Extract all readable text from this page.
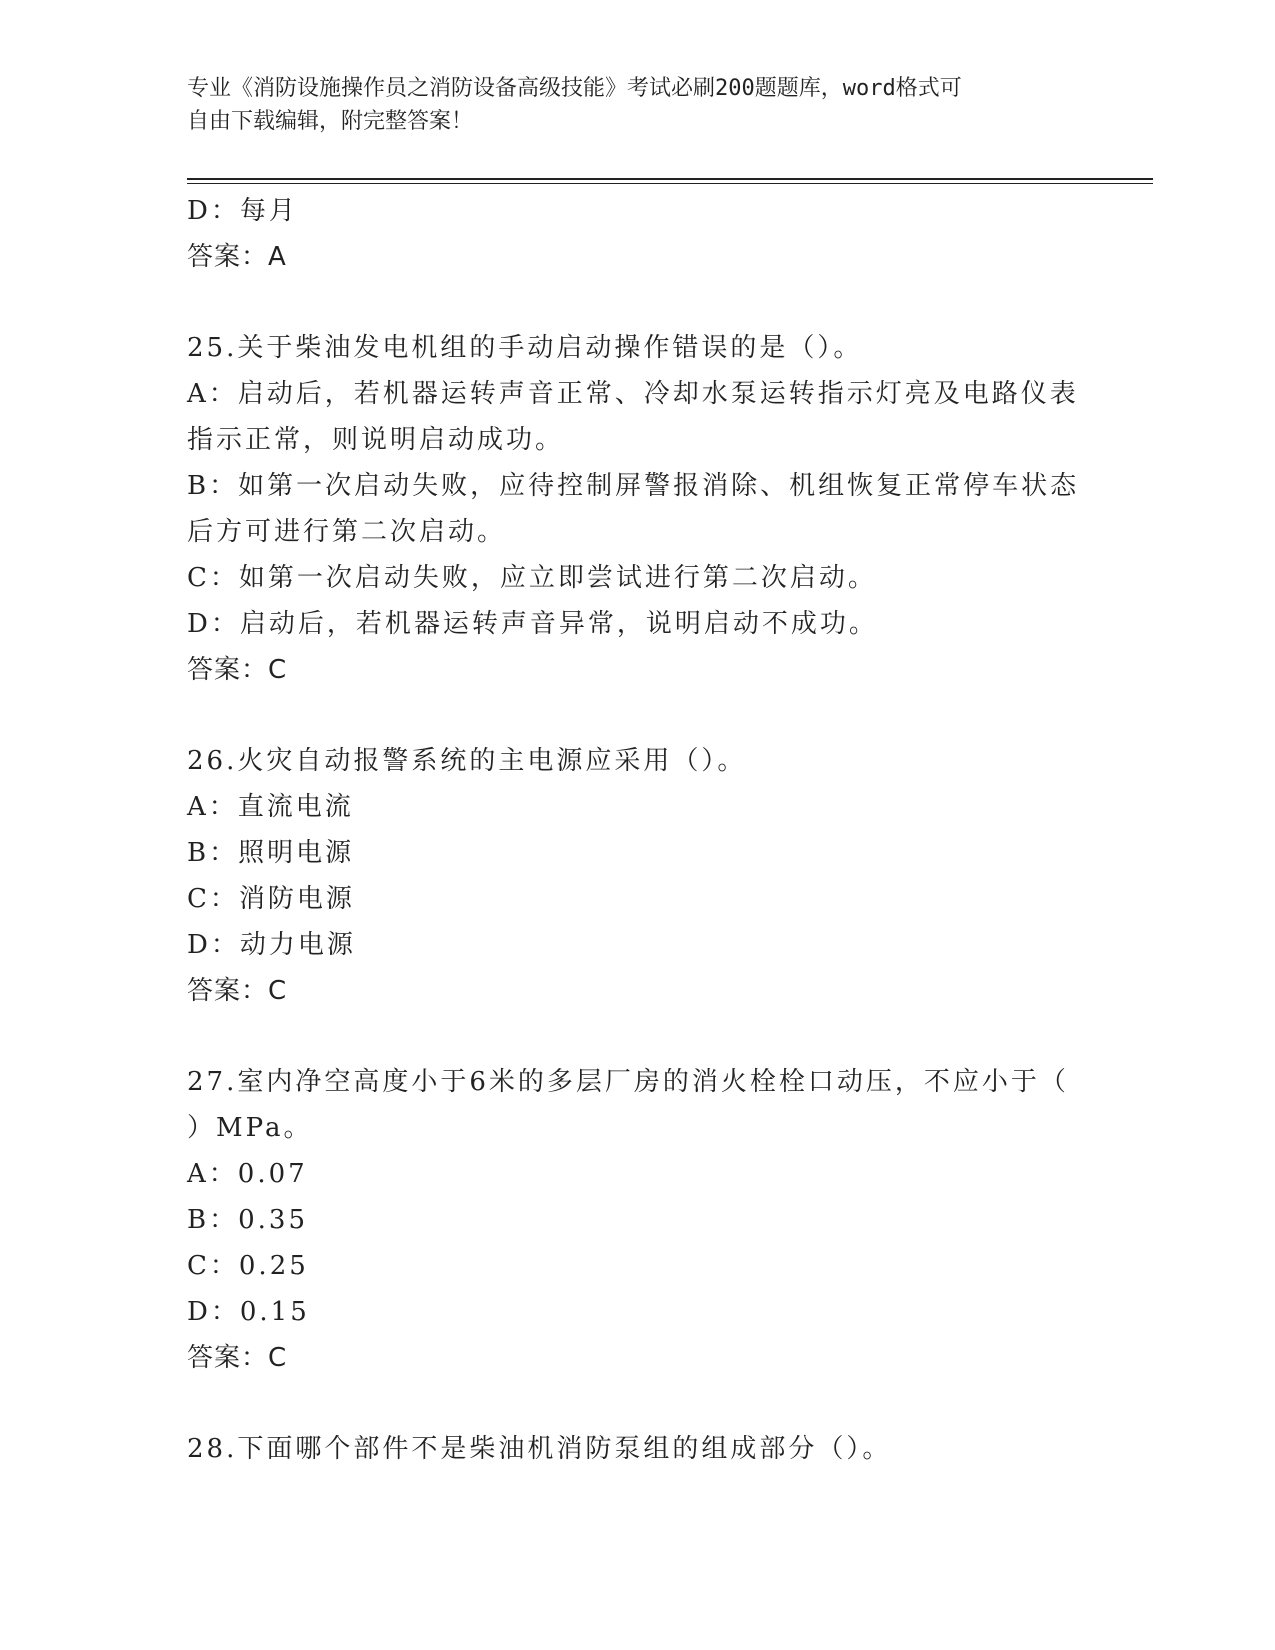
专业《消防设施操作员之消防设备高级技能》考试必刷200题题库，word格式可
自由下载编辑，附完整答案！
D：每月
答案：A
25.关于柴油发电机组的手动启动操作错误的是（）。
A：启动后，若机器运转声音正常、冷却水泵运转指示灯亮及电路仪表
指示正常，则说明启动成功。
B：如第一次启动失败，应待控制屏警报消除、机组恢复正常停车状态
后方可进行第二次启动。
C：如第一次启动失败，应立即尝试进行第二次启动。
D：启动后，若机器运转声音异常，说明启动不成功。
答案：C
26.火灾自动报警系统的主电源应采用（）。
A：直流电流
B：照明电源
C：消防电源
D：动力电源
答案：C
27.室内净空高度小于6米的多层厂房的消火栓栓口动压，不应小于（
）MPa。
A：0.07
B：0.35
C：0.25
D：0.15
答案：C
28.下面哪个部件不是柴油机消防泵组的组成部分（）。
